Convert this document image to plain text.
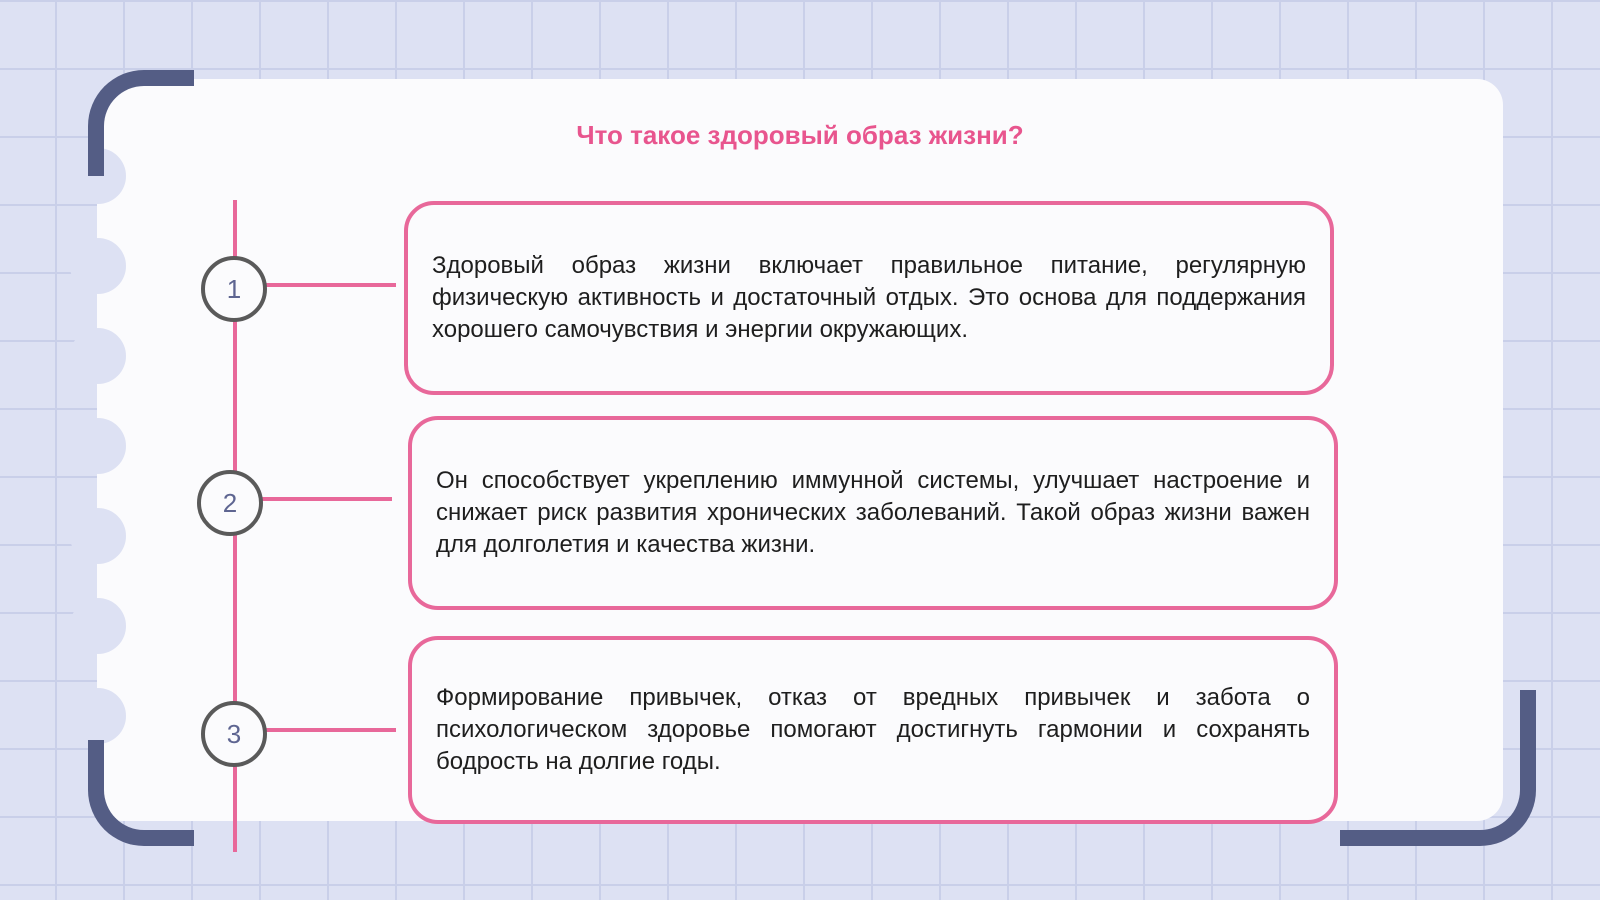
Что такое здоровый образ жизни?
1
2
3
Здоровый образ жизни включает правильное питание, регулярную физическую активность и достаточный отдых. Это основа для поддержания хорошего самочувствия и энергии окружающих.
Он способствует укреплению иммунной системы, улучшает настроение и снижает риск развития хронических заболеваний. Такой образ жизни важен для долголетия и качества жизни.
Формирование привычек, отказ от вредных привычек и забота о психологическом здоровье помогают достигнуть гармонии и сохранять бодрость на долгие годы.
